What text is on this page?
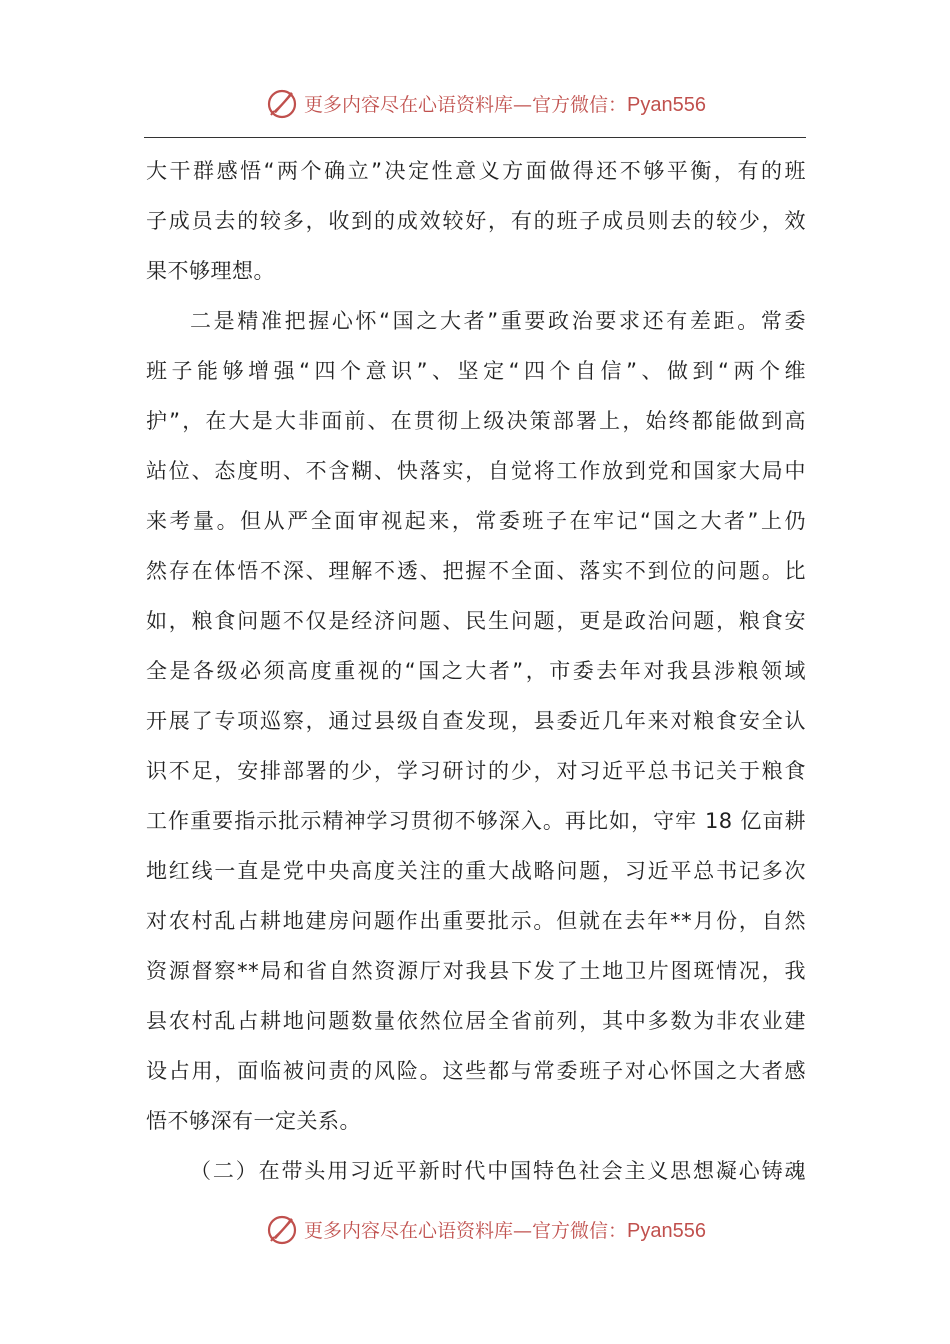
更多内容尽在心语资料库—官方微信：Pyan556
大干群感悟“两个确立”决定性意义方面做得还不够平衡，有的班
子成员去的较多，收到的成效较好，有的班子成员则去的较少，效
果不够理想。
二是精准把握心怀“国之大者”重要政治要求还有差距。常委
班子能够增强“四个意识”、坚定“四个自信”、做到“两个维
护”，在大是大非面前、在贯彻上级决策部署上，始终都能做到高
站位、态度明、不含糊、快落实，自觉将工作放到党和国家大局中
来考量。但从严全面审视起来，常委班子在牢记“国之大者”上仍
然存在体悟不深、理解不透、把握不全面、落实不到位的问题。比
如，粮食问题不仅是经济问题、民生问题，更是政治问题，粮食安
全是各级必须高度重视的“国之大者”，市委去年对我县涉粮领域
开展了专项巡察，通过县级自查发现，县委近几年来对粮食安全认
识不足，安排部署的少，学习研讨的少，对习近平总书记关于粮食
工作重要指示批示精神学习贯彻不够深入。再比如，守牢 18 亿亩耕
地红线一直是党中央高度关注的重大战略问题，习近平总书记多次
对农村乱占耕地建房问题作出重要批示。但就在去年**月份，自然
资源督察**局和省自然资源厅对我县下发了土地卫片图斑情况，我
县农村乱占耕地问题数量依然位居全省前列，其中多数为非农业建
设占用，面临被问责的风险。这些都与常委班子对心怀国之大者感
悟不够深有一定关系。
（二）在带头用习近平新时代中国特色社会主义思想凝心铸魂
更多内容尽在心语资料库—官方微信：Pyan556
